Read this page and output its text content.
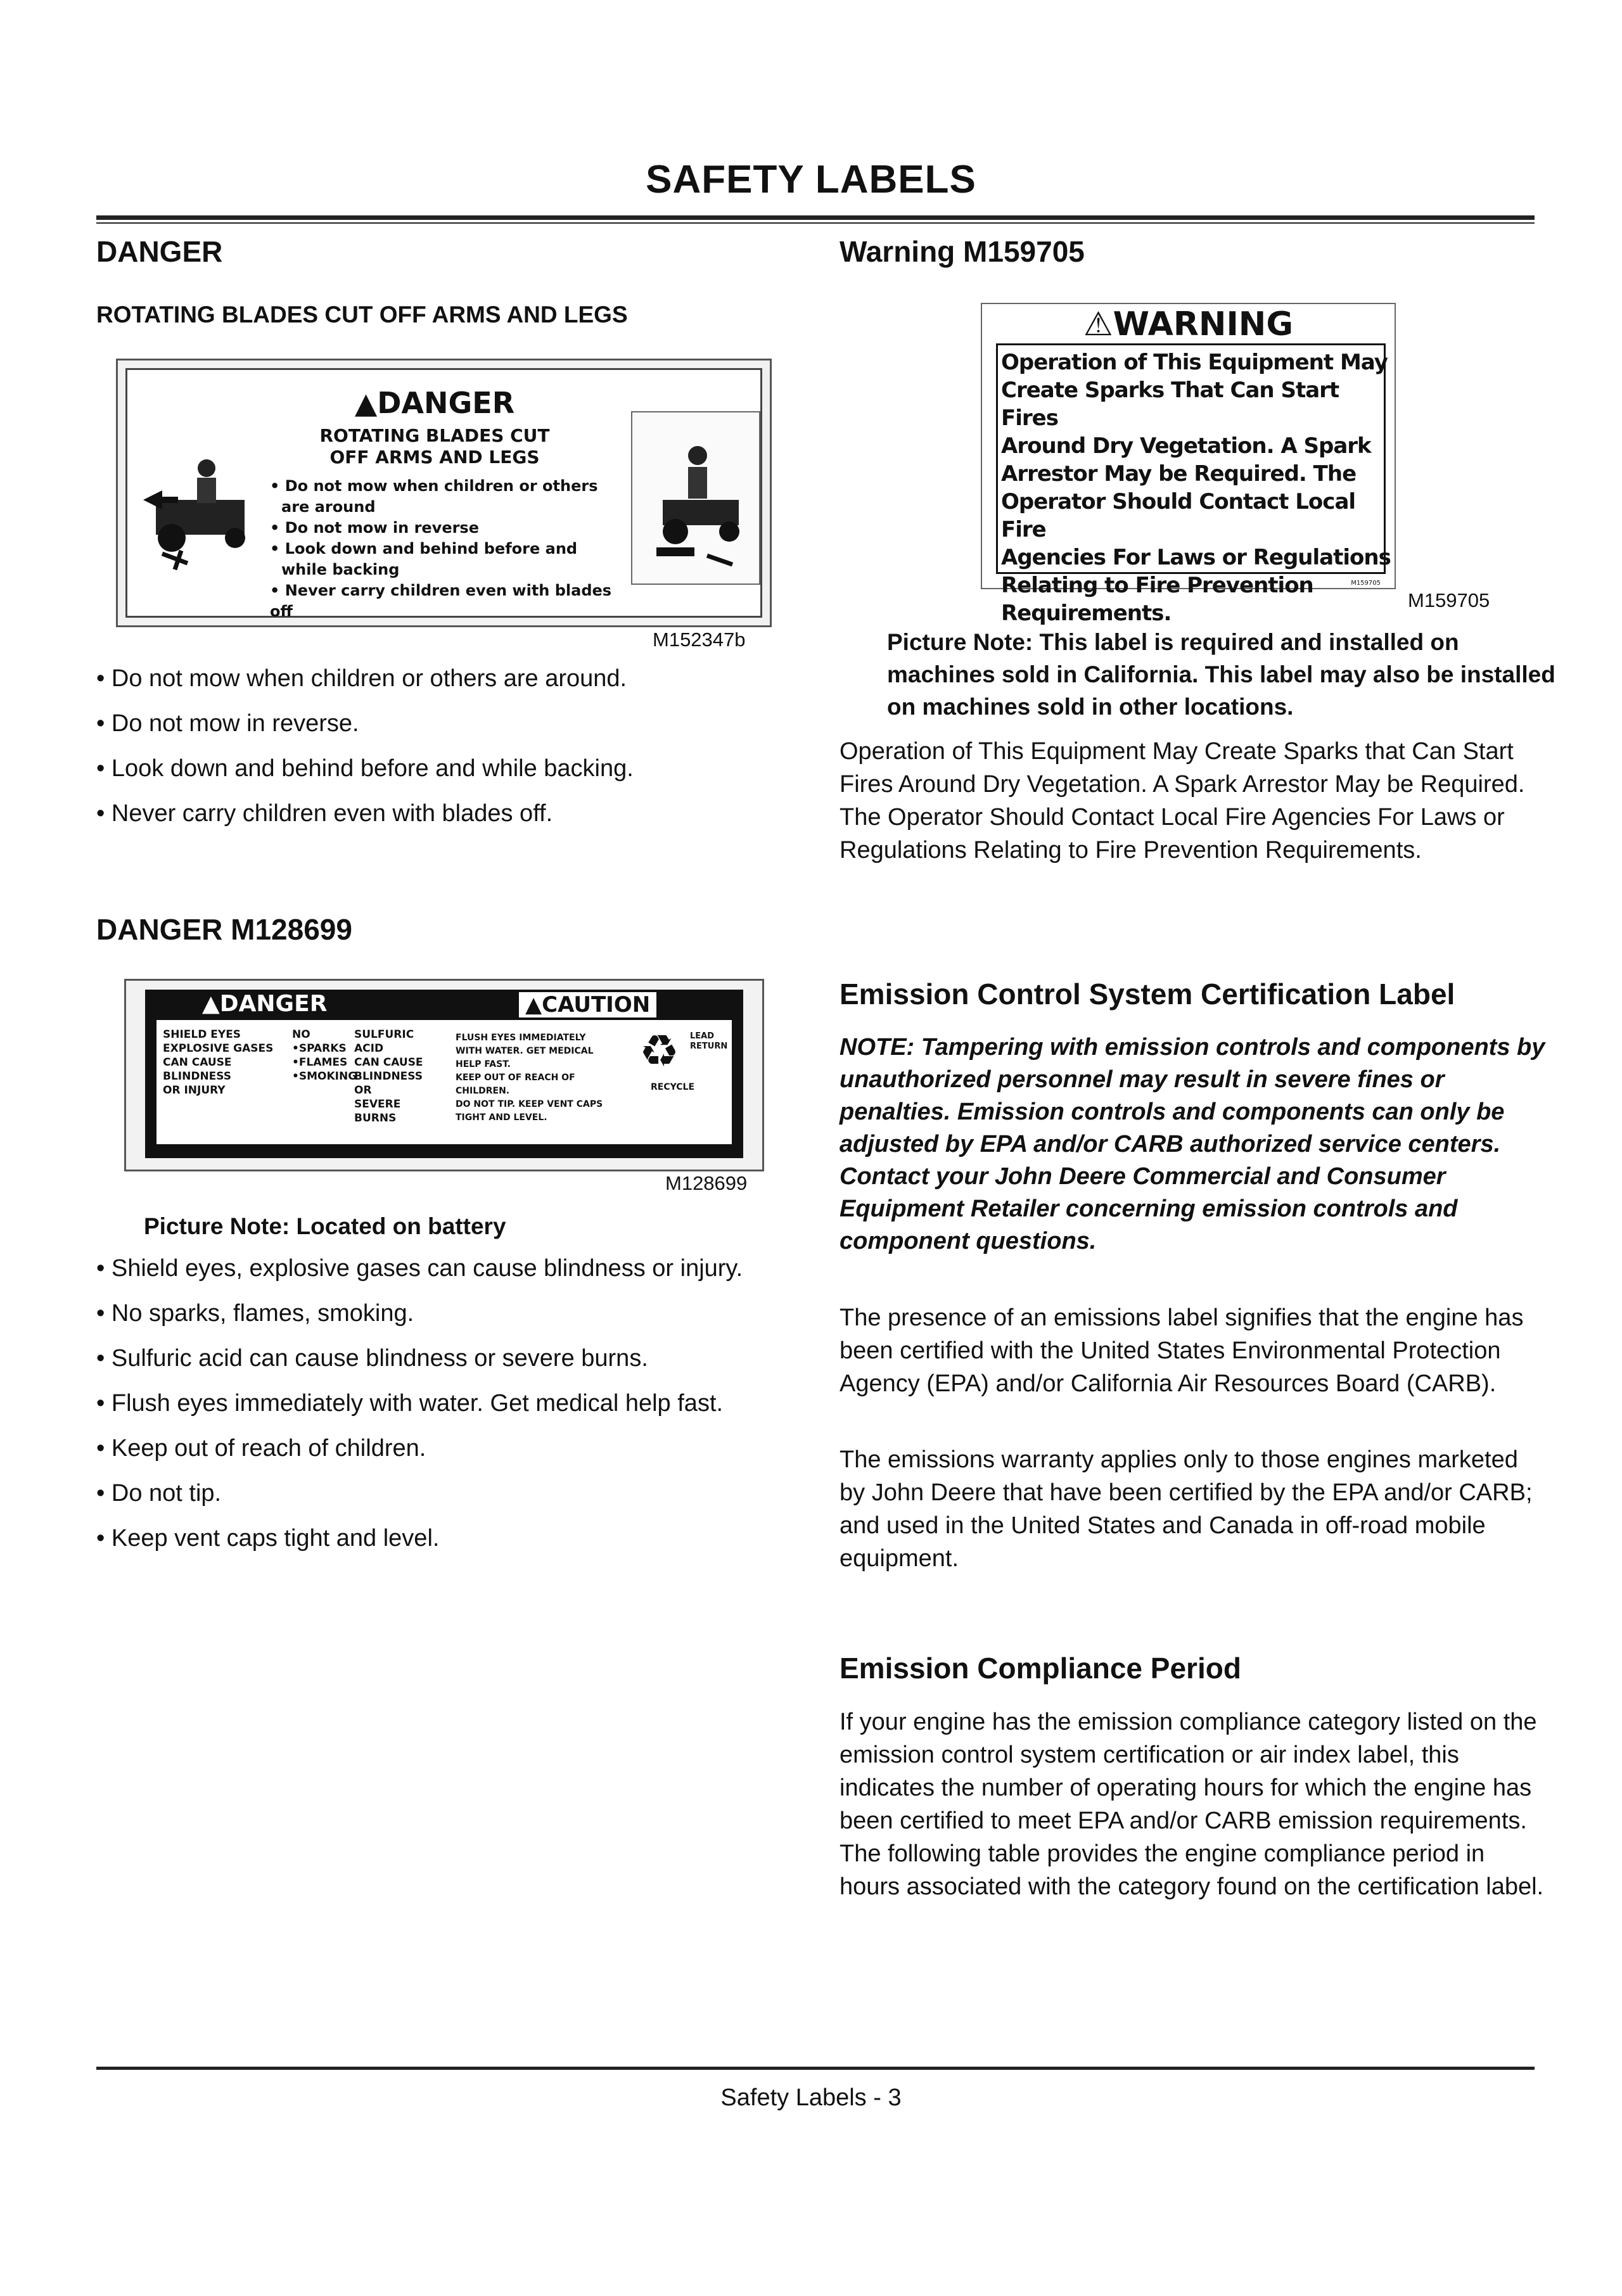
SAFETY LABELS
DANGER
ROTATING BLADES CUT OFF ARMS AND LEGS
▲DANGER
ROTATING BLADES CUT
OFF ARMS AND LEGS
• Do not mow when children or others
are around
• Do not mow in reverse
• Look down and behind before and
while backing
• Never carry children even with blades off
M152347b
• Do not mow when children or others are around.
• Do not mow in reverse.
• Look down and behind before and while backing.
• Never carry children even with blades off.
DANGER M128699
▲DANGER	▲CAUTION
SHIELD EYES
EXPLOSIVE GASES
CAN CAUSE BLINDNESS
OR INJURY
NO
•SPARKS
•FLAMES
•SMOKING
SULFURIC
ACID
CAN CAUSE
BLINDNESS OR
SEVERE BURNS
FLUSH EYES IMMEDIATELY
WITH WATER. GET MEDICAL
HELP FAST.
KEEP OUT OF REACH OF CHILDREN.
DO NOT TIP. KEEP VENT CAPS TIGHT AND LEVEL.
♻
RECYCLE
LEAD RETURN
M128699
Picture Note: Located on battery
• Shield eyes, explosive gases can cause blindness or injury.
• No sparks, flames, smoking.
• Sulfuric acid can cause blindness or severe burns.
• Flush eyes immediately with water. Get medical help fast.
• Keep out of reach of children.
• Do not tip.
• Keep vent caps tight and level.
Warning M159705
⚠︎WARNING
Operation of This Equipment May
Create Sparks That Can Start Fires
Around Dry Vegetation. A Spark
Arrestor May be Required. The
Operator Should Contact Local Fire
Agencies For Laws or Regulations
Relating to Fire Prevention
Requirements.
M159705
M159705
Picture Note: This label is required and installed on machines sold in California. This label may also be installed on machines sold in other locations.
Operation of This Equipment May Create Sparks that Can Start Fires Around Dry Vegetation. A Spark Arrestor May be Required. The Operator Should Contact Local Fire Agencies For Laws or Regulations Relating to Fire Prevention Requirements.
Emission Control System Certification Label
NOTE: Tampering with emission controls and components by unauthorized personnel may result in severe fines or penalties. Emission controls and components can only be adjusted by EPA and/or CARB authorized service centers. Contact your John Deere Commercial and Consumer Equipment Retailer concerning emission controls and component questions.
The presence of an emissions label signifies that the engine has been certified with the United States Environmental Protection Agency (EPA) and/or California Air Resources Board (CARB).
The emissions warranty applies only to those engines marketed by John Deere that have been certified by the EPA and/or CARB; and used in the United States and Canada in off-road mobile equipment.
Emission Compliance Period
If your engine has the emission compliance category listed on the emission control system certification or air index label, this indicates the number of operating hours for which the engine has been certified to meet EPA and/or CARB emission requirements. The following table provides the engine compliance period in hours associated with the category found on the certification label.
Safety Labels - 3
